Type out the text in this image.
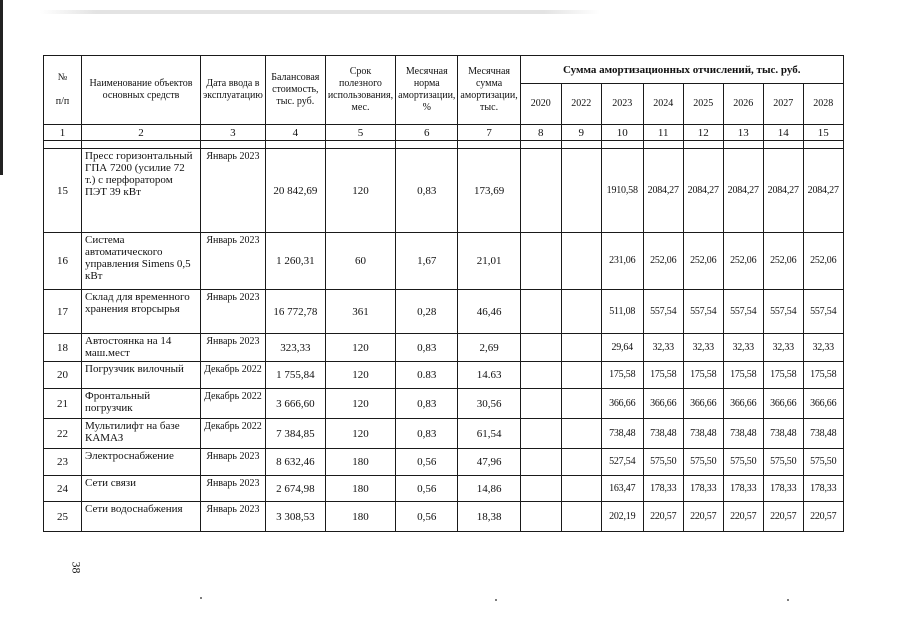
№

п/п	Наименование объектов основных средств	Дата ввода в эксплуатацию	Балансовая стоимость, тыс. руб.	Срок полезного использования, мес.	Месячная норма амортизации, %	Месячная сумма амортизации, тыс.	Сумма амортизационных отчислений, тыс. руб.							
							2020	2022	2023	2024	2025	2026	2027	2028
1	2	3	4	5	6	7	8	9	10	11	12	13	14	15

15	Пресс горизонтальный ГПА 7200 (усилие 72 т.) с перфоратором ПЭТ 39 кВт	Январь 2023	20 842,69	120	0,83	173,69			1910,58	2084,27	2084,27	2084,27	2084,27	2084,27
16	Система автоматического управления Simens 0,5 кВт	Январь 2023	1 260,31	60	1,67	21,01			231,06	252,06	252,06	252,06	252,06	252,06
17	Склад для временного хранения вторсырья	Январь 2023	16 772,78	361	0,28	46,46			511,08	557,54	557,54	557,54	557,54	557,54
18	Автостоянка на 14 маш.мест	Январь 2023	323,33	120	0,83	2,69			29,64	32,33	32,33	32,33	32,33	32,33
20	Погрузчик вилочный	Декабрь 2022	1 755,84	120	0.83	14.63			175,58	175,58	175,58	175,58	175,58	175,58
21	Фронтальный погрузчик	Декабрь 2022	3 666,60	120	0,83	30,56			366,66	366,66	366,66	366,66	366,66	366,66
22	Мультилифт на базе КАМАЗ	Декабрь 2022	7 384,85	120	0,83	61,54			738,48	738,48	738,48	738,48	738,48	738,48
23	Электроснабжение	Январь 2023	8 632,46	180	0,56	47,96			527,54	575,50	575,50	575,50	575,50	575,50
24	Сети связи	Январь 2023	2 674,98	180	0,56	14,86			163,47	178,33	178,33	178,33	178,33	178,33
25	Сети водоснабжения	Январь 2023	3 308,53	180	0,56	18,38			202,19	220,57	220,57	220,57	220,57	220,57
38
